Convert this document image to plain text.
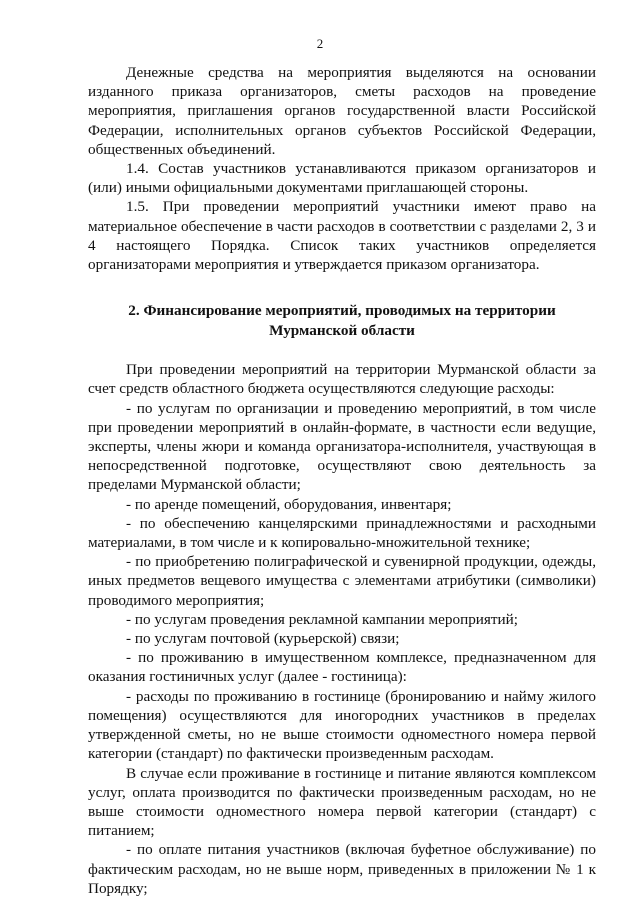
2

Денежные средства на мероприятия выделяются на основании изданного приказа организаторов, сметы расходов на проведение мероприятия, приглашения органов государственной власти Российской Федерации, исполнительных органов субъектов Российской Федерации, общественных объединений.

1.4. Состав участников устанавливаются приказом организаторов и (или) иными официальными документами приглашающей стороны.

1.5. При проведении мероприятий участники имеют право на материальное обеспечение в части расходов в соответствии с разделами 2, 3 и 4 настоящего Порядка. Список таких участников определяется организаторами мероприятия и утверждается приказом организатора.

2. Финансирование мероприятий, проводимых на территории Мурманской области

При проведении мероприятий на территории Мурманской области за счет средств областного бюджета осуществляются следующие расходы:

- по услугам по организации и проведению мероприятий, в том числе при проведении мероприятий в онлайн-формате, в частности если ведущие, эксперты, члены жюри и команда организатора-исполнителя, участвующая в непосредственной подготовке, осуществляют свою деятельность за пределами Мурманской области;

- по аренде помещений, оборудования, инвентаря;

- по обеспечению канцелярскими принадлежностями и расходными материалами, в том числе и к копировально-множительной технике;

- по приобретению полиграфической и сувенирной продукции, одежды, иных предметов вещевого имущества с элементами атрибутики (символики) проводимого мероприятия;

- по услугам проведения рекламной кампании мероприятий;

- по услугам почтовой (курьерской) связи;

- по проживанию в имущественном комплексе, предназначенном для оказания гостиничных услуг (далее - гостиница):

- расходы по проживанию в гостинице (бронированию и найму жилого помещения) осуществляются для иногородних участников в пределах утвержденной сметы, но не выше стоимости одноместного номера первой категории (стандарт) по фактически произведенным расходам.

В случае если проживание в гостинице и питание являются комплексом услуг, оплата производится по фактически произведенным расходам, но не выше стоимости одноместного номера первой категории (стандарт) с питанием;

- по оплате питания участников (включая буфетное обслуживание) по фактическим расходам, но не выше норм, приведенных в приложении № 1 к Порядку;
